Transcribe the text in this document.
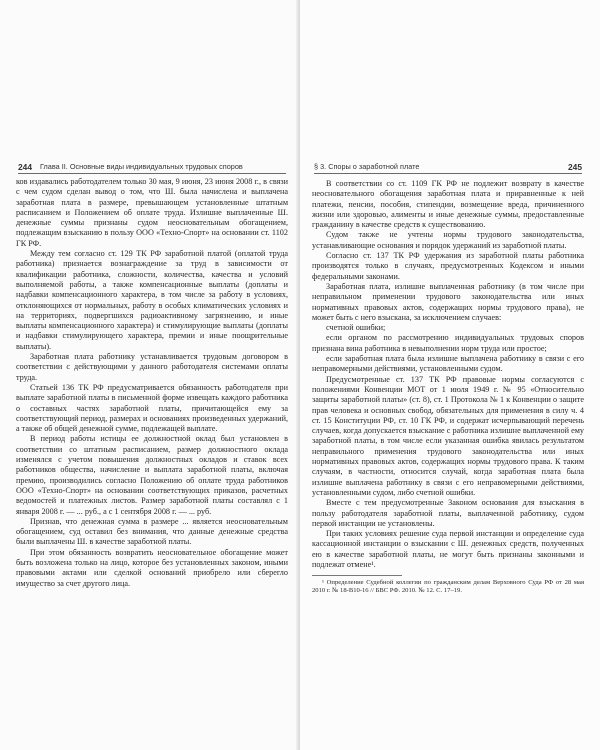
244 Глава II. Основные виды индивидуальных трудовых споров

ков издавались работодателем только 30 мая, 9 июня, 23 июня 2008 г., в связи с чем судом сделан вывод о том, что Ш. была начислена и выплачена заработная плата в размере, превышающем установленные штатным расписанием и Положением об оплате труда. Излишне выплаченные Ш. денежные суммы признаны судом неосновательным обогащением, подлежащим взысканию в пользу ООО «Техно-Спорт» на основании ст. 1102 ГК РФ.

Между тем согласно ст. 129 ТК РФ заработной платой (оплатой труда работника) признается вознаграждение за труд в зависимости от квалификации работника, сложности, количества, качества и условий выполняемой работы, а также компенсационные выплаты (доплаты и надбавки компенсационного характера, в том числе за работу в условиях, отклоняющихся от нормальных, работу в особых климатических условиях и на территориях, подвергшихся радиоактивному загрязнению, и иные выплаты компенсационного характера) и стимулирующие выплаты (доплаты и надбавки стимулирующего характера, премии и иные поощрительные выплаты).

Заработная плата работнику устанавливается трудовым договором в соответствии с действующими у данного работодателя системами оплаты труда.

Статьей 136 ТК РФ предусматривается обязанность работодателя при выплате заработной платы в письменной форме извещать каждого работника о составных частях заработной платы, причитающейся ему за соответствующий период, размерах и основаниях произведенных удержаний, а также об общей денежной сумме, подлежащей выплате.

В период работы истицы ее должностной оклад был установлен в соответствии со штатным расписанием, размер должностного оклада изменялся с учетом повышения должностных окладов и ставок всех работников общества, начисление и выплата заработной платы, включая премию, производились согласно Положению об оплате труда работников ООО «Техно-Спорт» на основании соответствующих приказов, расчетных ведомостей и платежных листов. Размер заработной платы составлял с 1 января 2008 г. — ... руб., а с 1 сентября 2008 г. — ... руб.

Признав, что денежная сумма в размере ... является неосновательным обогащением, суд оставил без внимания, что данные денежные средства были выплачены Ш. в качестве заработной платы.

При этом обязанность возвратить неосновательное обогащение может быть возложена только на лицо, которое без установленных законом, иными правовыми актами или сделкой оснований приобрело или сберегло имущество за счет другого лица.

§ 3. Споры о заработной плате	245

В соответствии со ст. 1109 ГК РФ не подлежит возврату в качестве неосновательного обогащения заработная плата и приравненные к ней платежи, пенсии, пособия, стипендии, возмещение вреда, причиненного жизни или здоровью, алименты и иные денежные суммы, предоставленные гражданину в качестве средств к существованию.

Судом также не учтены нормы трудового законодательства, устанавливающие основания и порядок удержаний из заработной платы.

Согласно ст. 137 ТК РФ удержания из заработной платы работника производятся только в случаях, предусмотренных Кодексом и иными федеральными законами.

Заработная плата, излишне выплаченная работнику (в том числе при неправильном применении трудового законодательства или иных нормативных правовых актов, содержащих нормы трудового права), не может быть с него взыскана, за исключением случаев:

счетной ошибки;

если органом по рассмотрению индивидуальных трудовых споров признана вина работника в невыполнении норм труда или простое;

если заработная плата была излишне выплачена работнику в связи с его неправомерными действиями, установленными судом.

Предусмотренные ст. 137 ТК РФ правовые нормы согласуются с положениями Конвенции МОТ от 1 июля 1949 г. № 95 «Относительно защиты заработной платы» (ст. 8), ст. 1 Протокола № 1 к Конвенции о защите прав человека и основных свобод, обязательных для применения в силу ч. 4 ст. 15 Конституции РФ, ст. 10 ГК РФ, и содержат исчерпывающий перечень случаев, когда допускается взыскание с работника излишне выплаченной ему заработной платы, в том числе если указанная ошибка явилась результатом неправильного применения трудового законодательства или иных нормативных правовых актов, содержащих нормы трудового права. К таким случаям, в частности, относится случай, когда заработная плата была излишне выплачена работнику в связи с его неправомерными действиями, установленными судом, либо счетной ошибки.

Вместе с тем предусмотренные Законом основания для взыскания в пользу работодателя заработной платы, выплаченной работнику, судом первой инстанции не установлены.

При таких условиях решение суда первой инстанции и определение суда кассационной инстанции о взыскании с Ш. денежных средств, полученных ею в качестве заработной платы, не могут быть признаны законными и подлежат отмене¹.

¹ Определение Судебной коллегии по гражданским делам Верховного Суда РФ от 28 мая 2010 г. № 18-В10-16 // БВС РФ. 2010. № 12. С. 17–19.
